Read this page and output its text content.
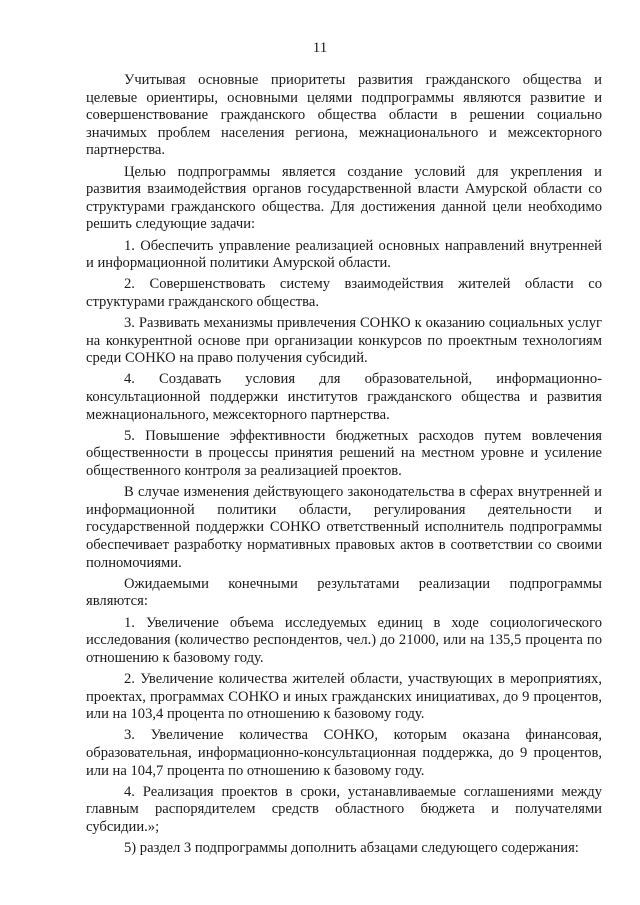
11

Учитывая основные приоритеты развития гражданского общества и целевые ориентиры, основными целями подпрограммы являются развитие и совершенствование гражданского общества области в решении социально значимых проблем населения региона, межнационального и межсекторного партнерства.

Целью подпрограммы является создание условий для укрепления и развития взаимодействия органов государственной власти Амурской области со структурами гражданского общества. Для достижения данной цели необходимо решить следующие задачи:

1. Обеспечить управление реализацией основных направлений внутренней и информационной политики Амурской области.

2. Совершенствовать систему взаимодействия жителей области со структурами гражданского общества.

3. Развивать механизмы привлечения СОНКО к оказанию социальных услуг на конкурентной основе при организации конкурсов по проектным технологиям среди СОНКО на право получения субсидий.

4. Создавать условия для образовательной, информационно-консультационной поддержки институтов гражданского общества и развития межнационального, межсекторного партнерства.

5. Повышение эффективности бюджетных расходов путем вовлечения общественности в процессы принятия решений на местном уровне и усиление общественного контроля за реализацией проектов.

В случае изменения действующего законодательства в сферах внутренней и информационной политики области, регулирования деятельности и государственной поддержки СОНКО ответственный исполнитель подпрограммы обеспечивает разработку нормативных правовых актов в соответствии со своими полномочиями.

Ожидаемыми конечными результатами реализации подпрограммы являются:

1. Увеличение объема исследуемых единиц в ходе социологического исследования (количество респондентов, чел.) до 21000, или на 135,5 процента по отношению к базовому году.

2. Увеличение количества жителей области, участвующих в мероприятиях, проектах, программах СОНКО и иных гражданских инициативах, до 9 процентов, или на 103,4 процента по отношению к базовому году.

3. Увеличение количества СОНКО, которым оказана финансовая, образовательная, информационно-консультационная поддержка, до 9 процентов, или на 104,7 процента по отношению к базовому году.

4. Реализация проектов в сроки, устанавливаемые соглашениями между главным распорядителем средств областного бюджета и получателями субсидии.»;

5) раздел 3 подпрограммы дополнить абзацами следующего содержания:
